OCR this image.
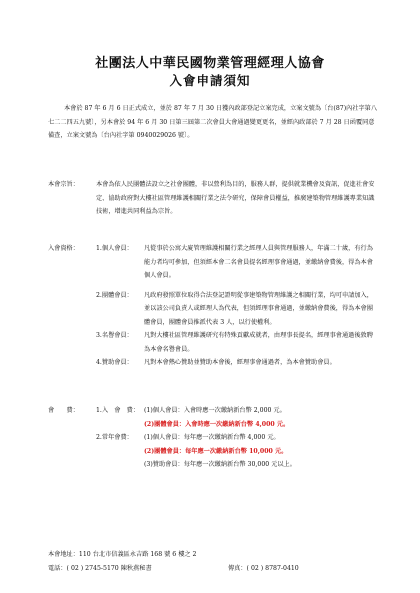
社團法人中華民國物業管理經理人協會
入會申請須知
本會於 87 年 6 月 6 日正式成立，並於 87 年 7 月 30 日獲內政部登記立案完成，立案文號為〔台(87)內社字第八七二二四五九號〕，另本會於 94 年 6 月 30 日第三屆第二次會員大會通過變更更名，並經內政部於 7 月 28 日函覆同意備查，立案文號為〔台內社字第 0940029026 號〕。
本會宗旨：	本會為依人民團體法設立之社會團體，非以營利為目的，服務人群，提供就業機會及資訊，促進社會安定、協助政府對大樓社區管理維護相關行業之法令研究，保障會員權益，推廣建築物管理維護專業知識技術，增進共同利益為宗旨。
入會資格：	1.個人會員：	凡從事於公寓大廈管理維護相關行業之經理人員與管理服務人，年滿二十歲，有行為能力者均可參加，但須經本會二名會員提名經理事會通過，並繳納會費後，得為本會個人會員。
2.團體會員：	凡政府發照單位取得合法登記證明從事建築物管理維護之相關行業，均可申請加入，並以該公司負責人或經理人為代表，但須經理事會通過，並繳納會費後，得為本會團體會員，團體會員推派代表 3 人，以行使權利。
3.名譽會員：	凡對大樓社區管理維護研究有特殊貢獻成就者，由理事長提名，經理事會通過後敦聘為本會名譽會員。
4.贊助會員：	凡對本會熱心贊助並贊助本會後，經理事會通過者，為本會贊助會員。
會　　費：	1.入　會　費： (1)個人會員：入會時應一次繳納新台幣 2,000 元。
(2)團體會員：入會時應一次繳納新台幣 4,000 元。
2.常年會費：	(1)個人會員：每年應一次繳納新台幣 4,000 元。
(2)團體會員：每年應一次繳納新台幣 10,000 元。
(3)贊助會員：每年應一次繳納新台幣 30,000 元以上。
本會地址：110 台北市信義區永吉路 168 號 6 樓之 2
電話：( 02 ) 2745-5170 陳秋燕秘書	傳真：( 02 ) 8787-0410
